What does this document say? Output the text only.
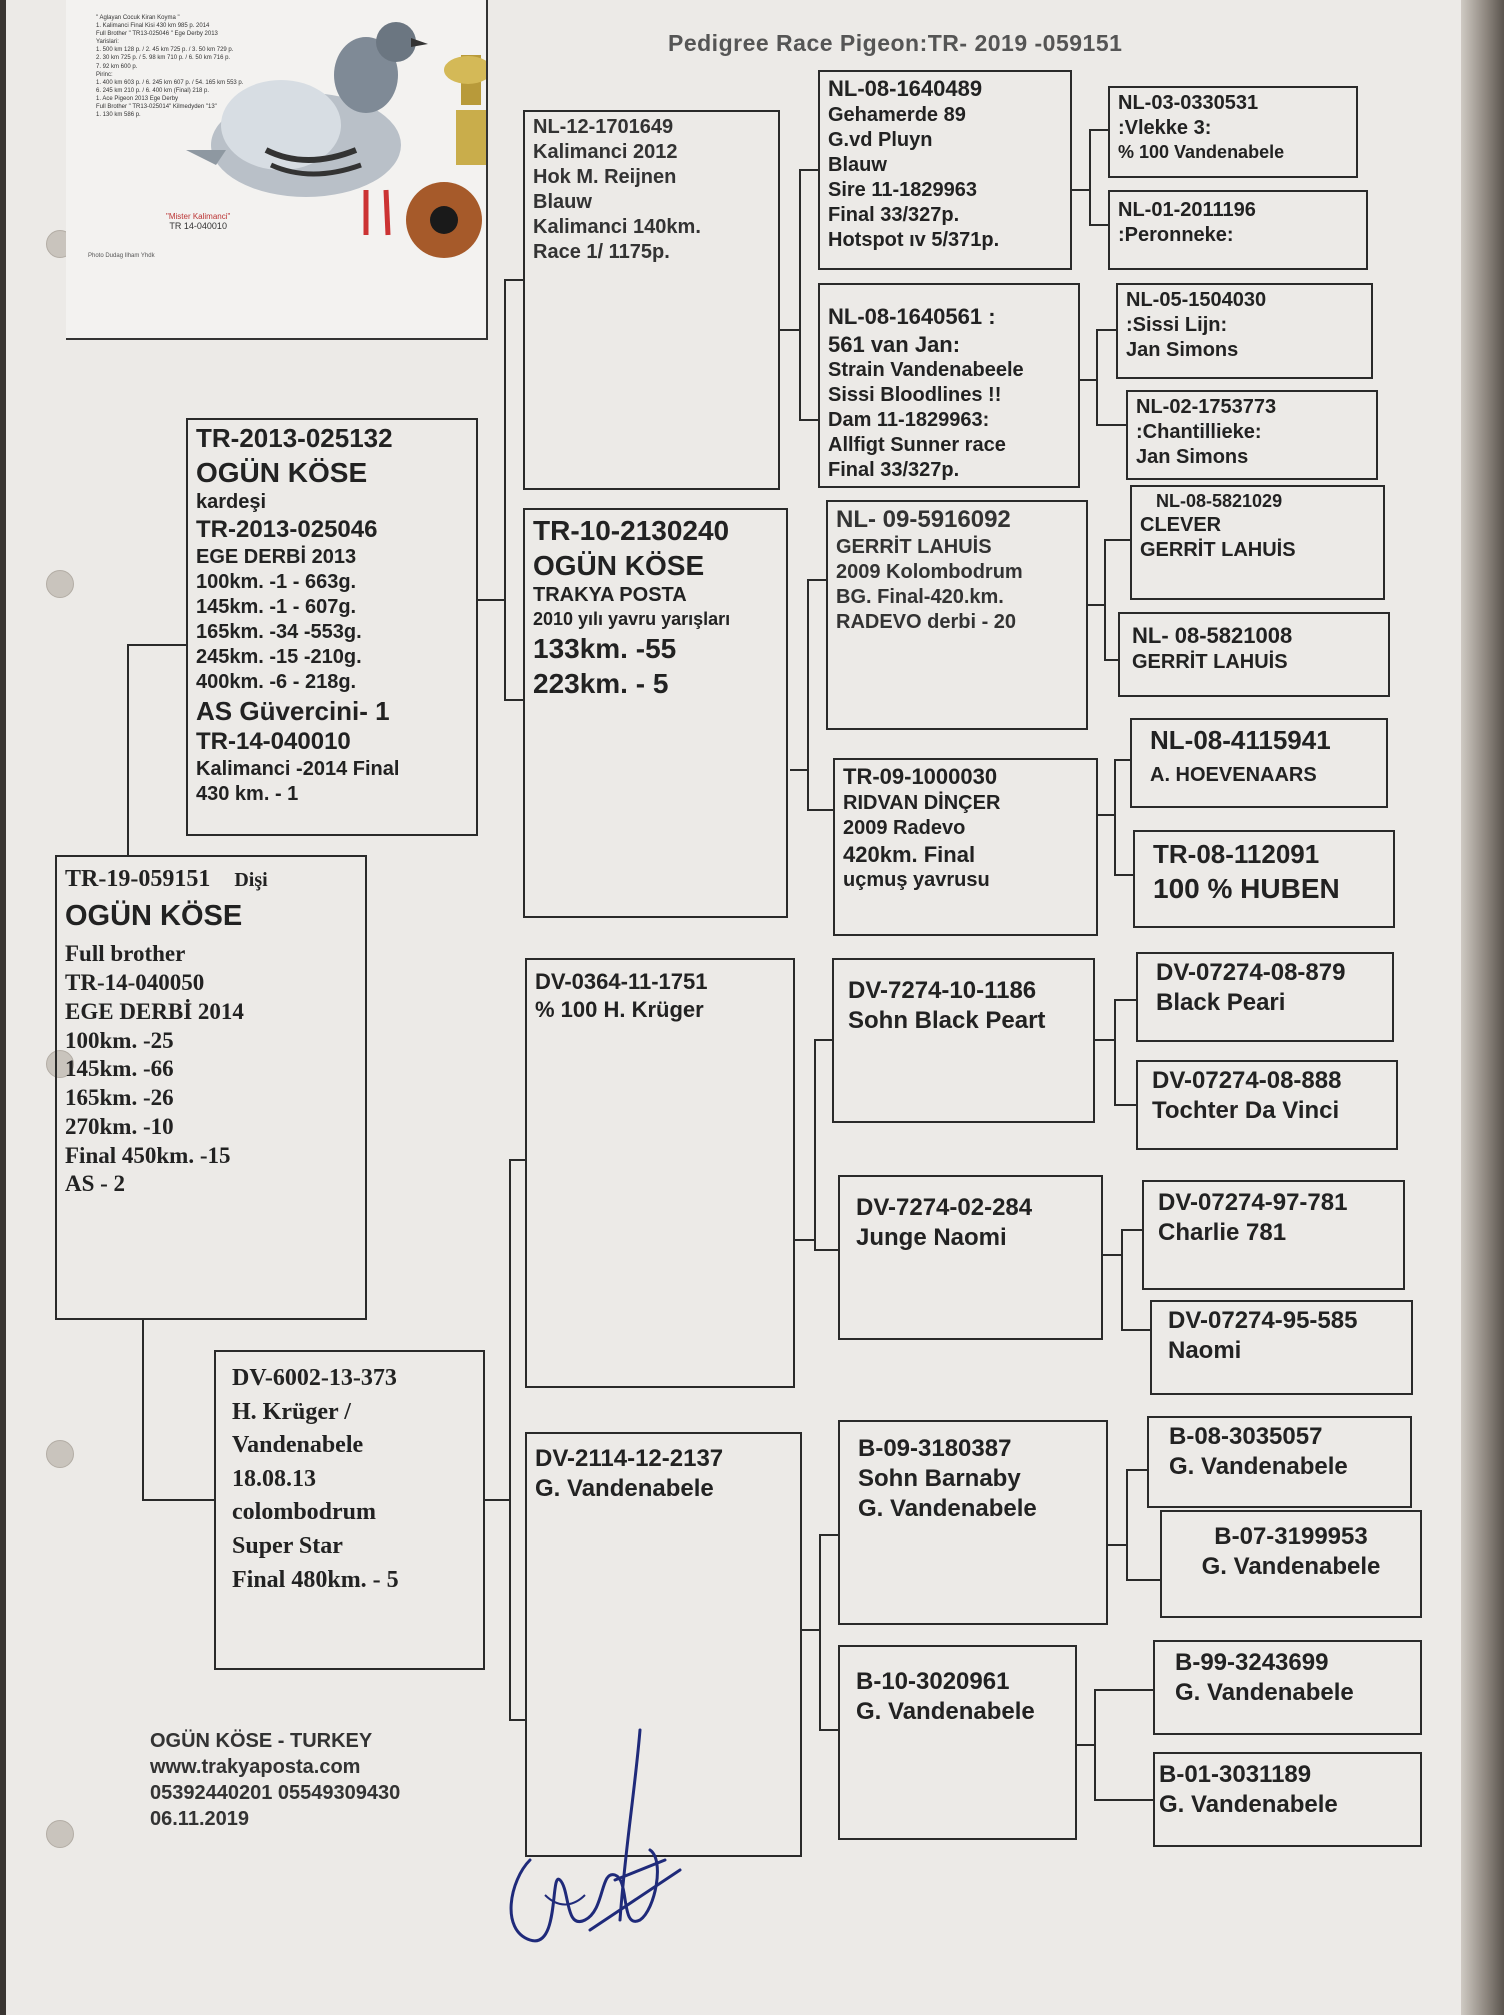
" Aglayan Cocuk Kiran Koyma "
1. Kalimanci Final Kisi 430 km 985 p. 2014
Full Brother " TR13-025046 " Ege Derby 2013
Yarislari:
1. 500 km 128 p. / 2. 45 km 725 p. / 3. 50 km 729 p.
2. 30 km 725 p. / 5. 98 km 710 p. / 6. 50 km 716 p.
7. 92 km 600 p.
Pirinc:
1. 400 km 603 p. / 6. 245 km 607 p. / 54. 165 km 553 p.
6. 245 km 210 p. / 6. 400 km (Final) 218 p.
1. Ace Pigeon 2013 Ege Derby
Full Brother " TR13-025014" Kilmedyden "13"
1. 130 km 586 p.
"Mister Kalimanci"
TR 14-040010
Photo Dudag Ilham Yhdk
Pedigree Race Pigeon:TR- 2019 -059151
TR-19-059151 Dişi
OGÜN KÖSE
Full brother
TR-14-040050
EGE DERBİ 2014
100km. -25
145km. -66
165km. -26
270km. -10
Final 450km. -15
AS - 2
TR-2013-025132
OGÜN KÖSE
kardeşi
TR-2013-025046
EGE DERBİ 2013
100km. -1 - 663g.
145km. -1 - 607g.
165km. -34 -553g.
245km. -15 -210g.
400km. -6 - 218g.
AS Güvercini- 1
TR-14-040010
Kalimanci -2014 Final
430 km. - 1
DV-6002-13-373
H. Krüger /
Vandenabele
18.08.13
colombodrum
Super Star
Final 480km. - 5
NL-12-1701649
Kalimanci 2012
Hok M. Reijnen
Blauw
Kalimanci 140km.
Race 1/ 1175p.
TR-10-2130240
OGÜN KÖSE
TRAKYA POSTA
2010 yılı yavru yarışları
133km. -55
223km. - 5
DV-0364-11-1751
% 100 H. Krüger
DV-2114-12-2137
G. Vandenabele
NL-08-1640489
Gehamerde 89
G.vd Pluyn
Blauw
Sire 11-1829963
Final 33/327p.
Hotspot ıv 5/371p.
NL-08-1640561 :
561 van Jan:
Strain Vandenabeele
Sissi Bloodlines !!
Dam 11-1829963:
Allfigt Sunner race
Final 33/327p.
NL- 09-5916092
GERRİT LAHUİS
2009 Kolombodrum
BG. Final-420.km.
RADEVO derbi - 20
TR-09-1000030
RIDVAN DİNÇER
2009 Radevo
420km. Final
uçmuş yavrusu
DV-7274-10-1186
Sohn Black Peart
DV-7274-02-284
Junge Naomi
B-09-3180387
Sohn Barnaby
G. Vandenabele
B-10-3020961
G. Vandenabele
NL-03-0330531
:Vlekke 3:
% 100 Vandenabele
NL-01-2011196
:Peronneke:
NL-05-1504030
:Sissi Lijn:
Jan Simons
NL-02-1753773
:Chantillieke:
Jan Simons
NL-08-5821029
CLEVER
GERRİT LAHUİS
NL- 08-5821008
GERRİT LAHUİS
NL-08-4115941
A. HOEVENAARS
TR-08-112091
100 % HUBEN
DV-07274-08-879
Black Peari
DV-07274-08-888
Tochter Da Vinci
DV-07274-97-781
Charlie 781
DV-07274-95-585
Naomi
B-08-3035057
G. Vandenabele
B-07-3199953
G. Vandenabele
B-99-3243699
G. Vandenabele
B-01-3031189
G. Vandenabele
OGÜN KÖSE - TURKEY
www.trakyaposta.com
05392440201 05549309430
06.11.2019
